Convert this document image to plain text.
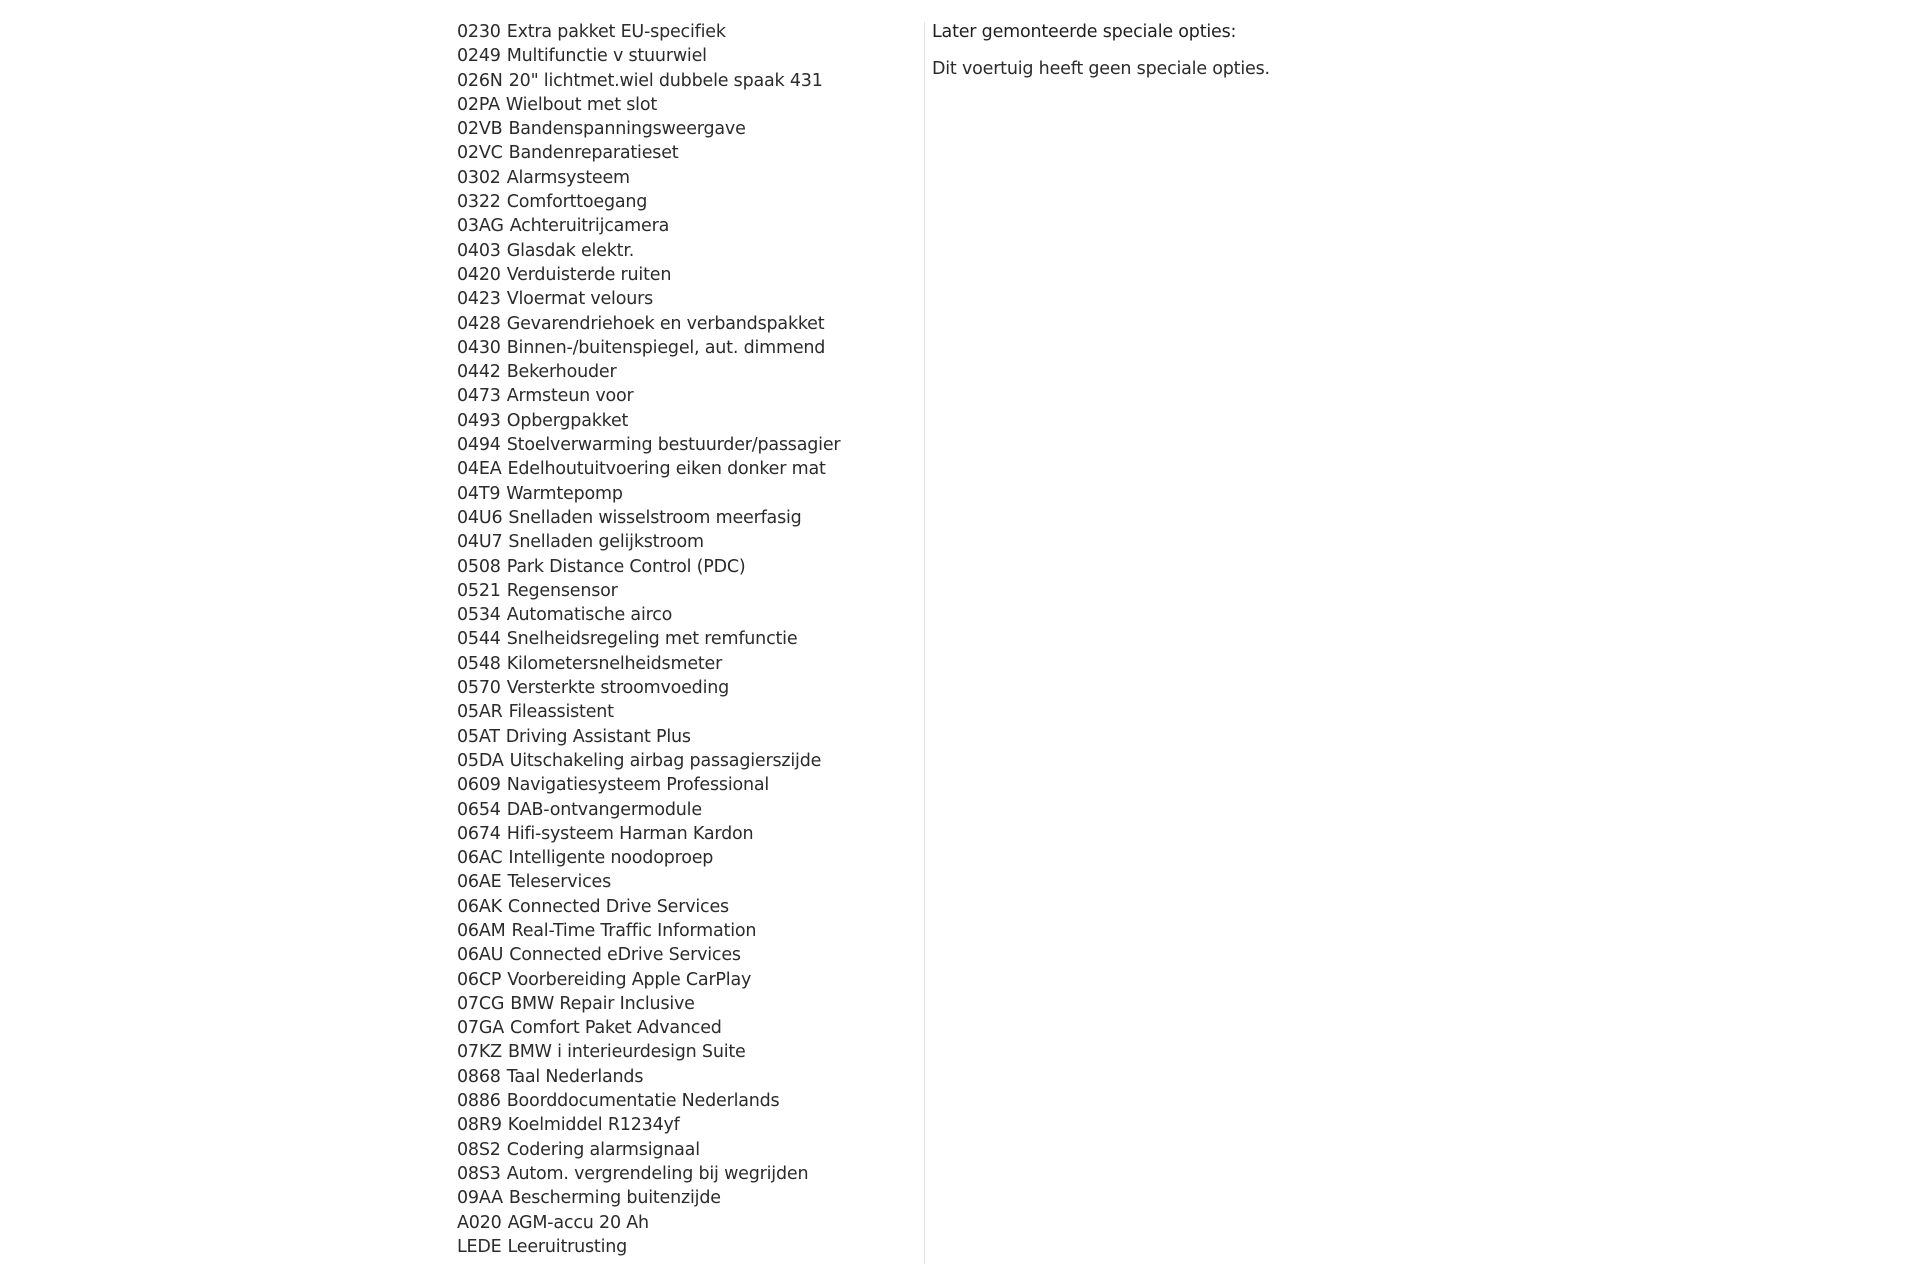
0230 Extra pakket EU-specifiek
0249 Multifunctie v stuurwiel
026N 20" lichtmet.wiel dubbele spaak 431
02PA Wielbout met slot
02VB Bandenspanningsweergave
02VC Bandenreparatieset
0302 Alarmsysteem
0322 Comforttoegang
03AG Achteruitrijcamera
0403 Glasdak elektr.
0420 Verduisterde ruiten
0423 Vloermat velours
0428 Gevarendriehoek en verbandspakket
0430 Binnen-/buitenspiegel, aut. dimmend
0442 Bekerhouder
0473 Armsteun voor
0493 Opbergpakket
0494 Stoelverwarming bestuurder/passagier
04EA Edelhoutuitvoering eiken donker mat
04T9 Warmtepomp
04U6 Snelladen wisselstroom meerfasig
04U7 Snelladen gelijkstroom
0508 Park Distance Control (PDC)
0521 Regensensor
0534 Automatische airco
0544 Snelheidsregeling met remfunctie
0548 Kilometersnelheidsmeter
0570 Versterkte stroomvoeding
05AR Fileassistent
05AT Driving Assistant Plus
05DA Uitschakeling airbag passagierszijde
0609 Navigatiesysteem Professional
0654 DAB-ontvangermodule
0674 Hifi-systeem Harman Kardon
06AC Intelligente noodoproep
06AE Teleservices
06AK Connected Drive Services
06AM Real-Time Traffic Information
06AU Connected eDrive Services
06CP Voorbereiding Apple CarPlay
07CG BMW Repair Inclusive
07GA Comfort Paket Advanced
07KZ BMW i interieurdesign Suite
0868 Taal Nederlands
0886 Boorddocumentatie Nederlands
08R9 Koelmiddel R1234yf
08S2 Codering alarmsignaal
08S3 Autom. vergrendeling bij wegrijden
09AA Bescherming buitenzijde
A020 AGM-accu 20 Ah
LEDE Leeruitrusting
Later gemonteerde speciale opties:
Dit voertuig heeft geen speciale opties.
